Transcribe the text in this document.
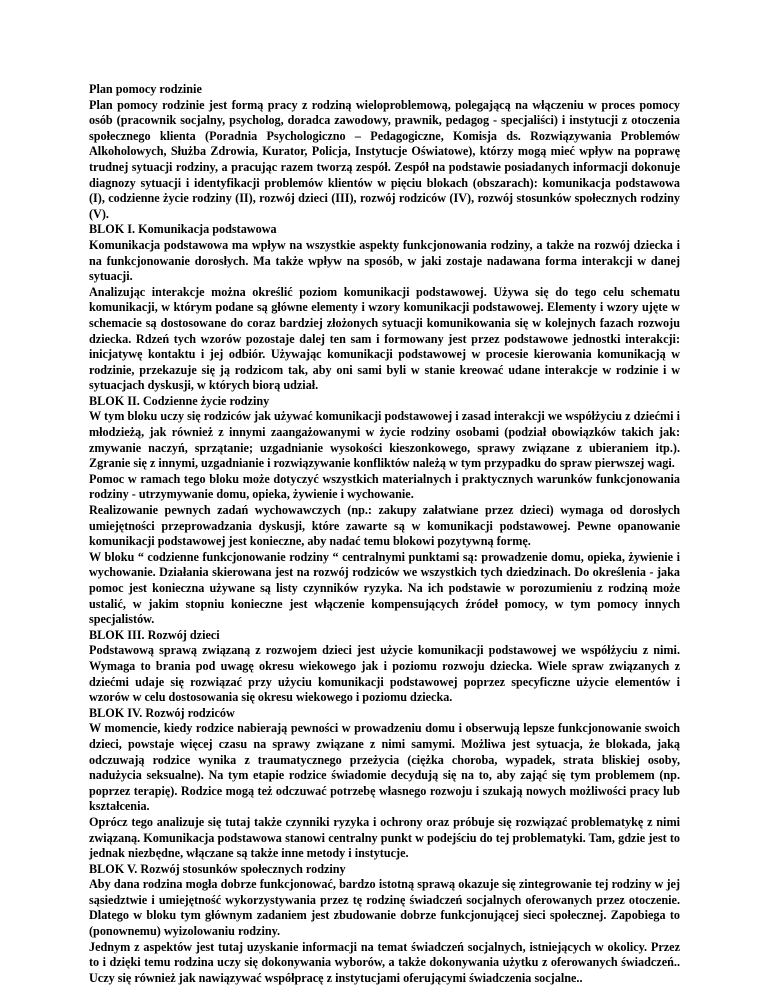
Plan pomocy rodzinie

Plan pomocy rodzinie jest formą pracy z rodziną wieloproblemową, polegającą na włączeniu w proces pomocy osób (pracownik socjalny, psycholog, doradca zawodowy, prawnik, pedagog - specjaliści) i instytucji z otoczenia społecznego klienta (Poradnia Psychologiczno – Pedagogiczne, Komisja ds. Rozwiązywania Problemów Alkoholowych, Służba Zdrowia, Kurator, Policja, Instytucje Oświatowe), którzy mogą mieć wpływ na poprawę trudnej sytuacji rodziny, a pracując razem tworzą zespół. Zespół na podstawie posiadanych informacji dokonuje diagnozy sytuacji i identyfikacji problemów klientów w pięciu blokach (obszarach): komunikacja podstawowa (I), codzienne życie rodziny (II), rozwój dzieci (III), rozwój rodziców (IV), rozwój stosunków społecznych rodziny (V).

BLOK I. Komunikacja podstawowa

Komunikacja podstawowa ma wpływ na wszystkie aspekty funkcjonowania rodziny, a także na rozwój dziecka i na funkcjonowanie dorosłych. Ma także wpływ na sposób, w jaki zostaje nadawana forma interakcji w danej sytuacji.

Analizując interakcje można określić poziom komunikacji podstawowej. Używa się do tego celu schematu komunikacji, w którym podane są główne elementy i wzory komunikacji podstawowej. Elementy i wzory ujęte w schemacie są dostosowane do coraz bardziej złożonych sytuacji komunikowania się w kolejnych fazach rozwoju dziecka. Rdzeń tych wzorów pozostaje dalej ten sam i formowany jest przez podstawowe jednostki interakcji: inicjatywę kontaktu i jej odbiór. Używając komunikacji podstawowej w procesie kierowania komunikacją w rodzinie, przekazuje się ją rodzicom tak, aby oni sami byli w stanie kreować udane interakcje w rodzinie i w sytuacjach dyskusji, w których biorą udział.

BLOK II. Codzienne życie rodziny

W tym bloku uczy się rodziców jak używać komunikacji podstawowej i zasad interakcji we współżyciu z dziećmi i młodzieżą, jak również z innymi zaangażowanymi w życie rodziny osobami (podział obowiązków takich jak: zmywanie naczyń, sprzątanie; uzgadnianie wysokości kieszonkowego, sprawy związane z ubieraniem itp.). Zgranie się z innymi, uzgadnianie i rozwiązywanie konfliktów należą w tym przypadku do spraw pierwszej wagi.

Pomoc w ramach tego bloku może dotyczyć wszystkich materialnych i praktycznych warunków funkcjonowania rodziny - utrzymywanie domu, opieka, żywienie i wychowanie.

Realizowanie pewnych zadań wychowawczych (np.: zakupy załatwiane przez dzieci) wymaga od dorosłych umiejętności przeprowadzania dyskusji, które zawarte są w komunikacji podstawowej. Pewne opanowanie komunikacji podstawowej jest konieczne, aby nadać temu blokowi pozytywną formę.

W bloku “ codzienne funkcjonowanie rodziny “ centralnymi punktami są: prowadzenie domu, opieka, żywienie i wychowanie. Działania skierowana jest na rozwój rodziców we wszystkich tych dziedzinach. Do określenia - jaka pomoc jest konieczna używane są listy czynników ryzyka. Na ich podstawie w porozumieniu z rodziną może ustalić, w jakim stopniu konieczne jest włączenie kompensujących źródeł pomocy, w tym pomocy innych specjalistów.

BLOK III. Rozwój dzieci

Podstawową sprawą związaną z rozwojem dzieci jest użycie komunikacji podstawowej we współżyciu z nimi. Wymaga to brania pod uwagę okresu wiekowego jak i poziomu rozwoju dziecka. Wiele spraw związanych z dziećmi udaje się rozwiązać przy użyciu komunikacji podstawowej poprzez specyficzne użycie elementów i wzorów w celu dostosowania się okresu wiekowego i poziomu dziecka.

BLOK IV. Rozwój rodziców

W momencie, kiedy rodzice nabierają pewności w prowadzeniu domu i obserwują lepsze funkcjonowanie swoich dzieci, powstaje więcej czasu na sprawy związane z nimi samymi. Możliwa jest sytuacja, że blokada, jaką odczuwają rodzice wynika z traumatycznego przeżycia (ciężka choroba, wypadek, strata bliskiej osoby, nadużycia seksualne). Na tym etapie rodzice świadomie decydują się na to, aby zająć się tym problemem (np. poprzez terapię). Rodzice mogą też odczuwać potrzebę własnego rozwoju i szukają nowych możliwości pracy lub kształcenia.

Oprócz tego analizuje się tutaj także czynniki ryzyka i ochrony oraz próbuje się rozwiązać problematykę z nimi związaną. Komunikacja podstawowa stanowi centralny punkt w podejściu do tej problematyki. Tam, gdzie jest to jednak niezbędne, włączane są także inne metody i instytucje.

BLOK V. Rozwój stosunków społecznych rodziny

Aby dana rodzina mogła dobrze funkcjonować, bardzo istotną sprawą okazuje się zintegrowanie tej rodziny w jej sąsiedztwie i umiejętność wykorzystywania przez tę rodzinę świadczeń socjalnych oferowanych przez otoczenie. Dlatego w bloku tym głównym zadaniem jest zbudowanie dobrze funkcjonującej sieci społecznej. Zapobiega to (ponownemu) wyizolowaniu rodziny.

Jednym z aspektów jest tutaj uzyskanie informacji na temat świadczeń socjalnych, istniejących w okolicy. Przez to i dzięki temu rodzina uczy się dokonywania wyborów, a także dokonywania użytku z oferowanych świadczeń.. Uczy się również jak nawiązywać współpracę z instytucjami oferującymi świadczenia socjalne..
